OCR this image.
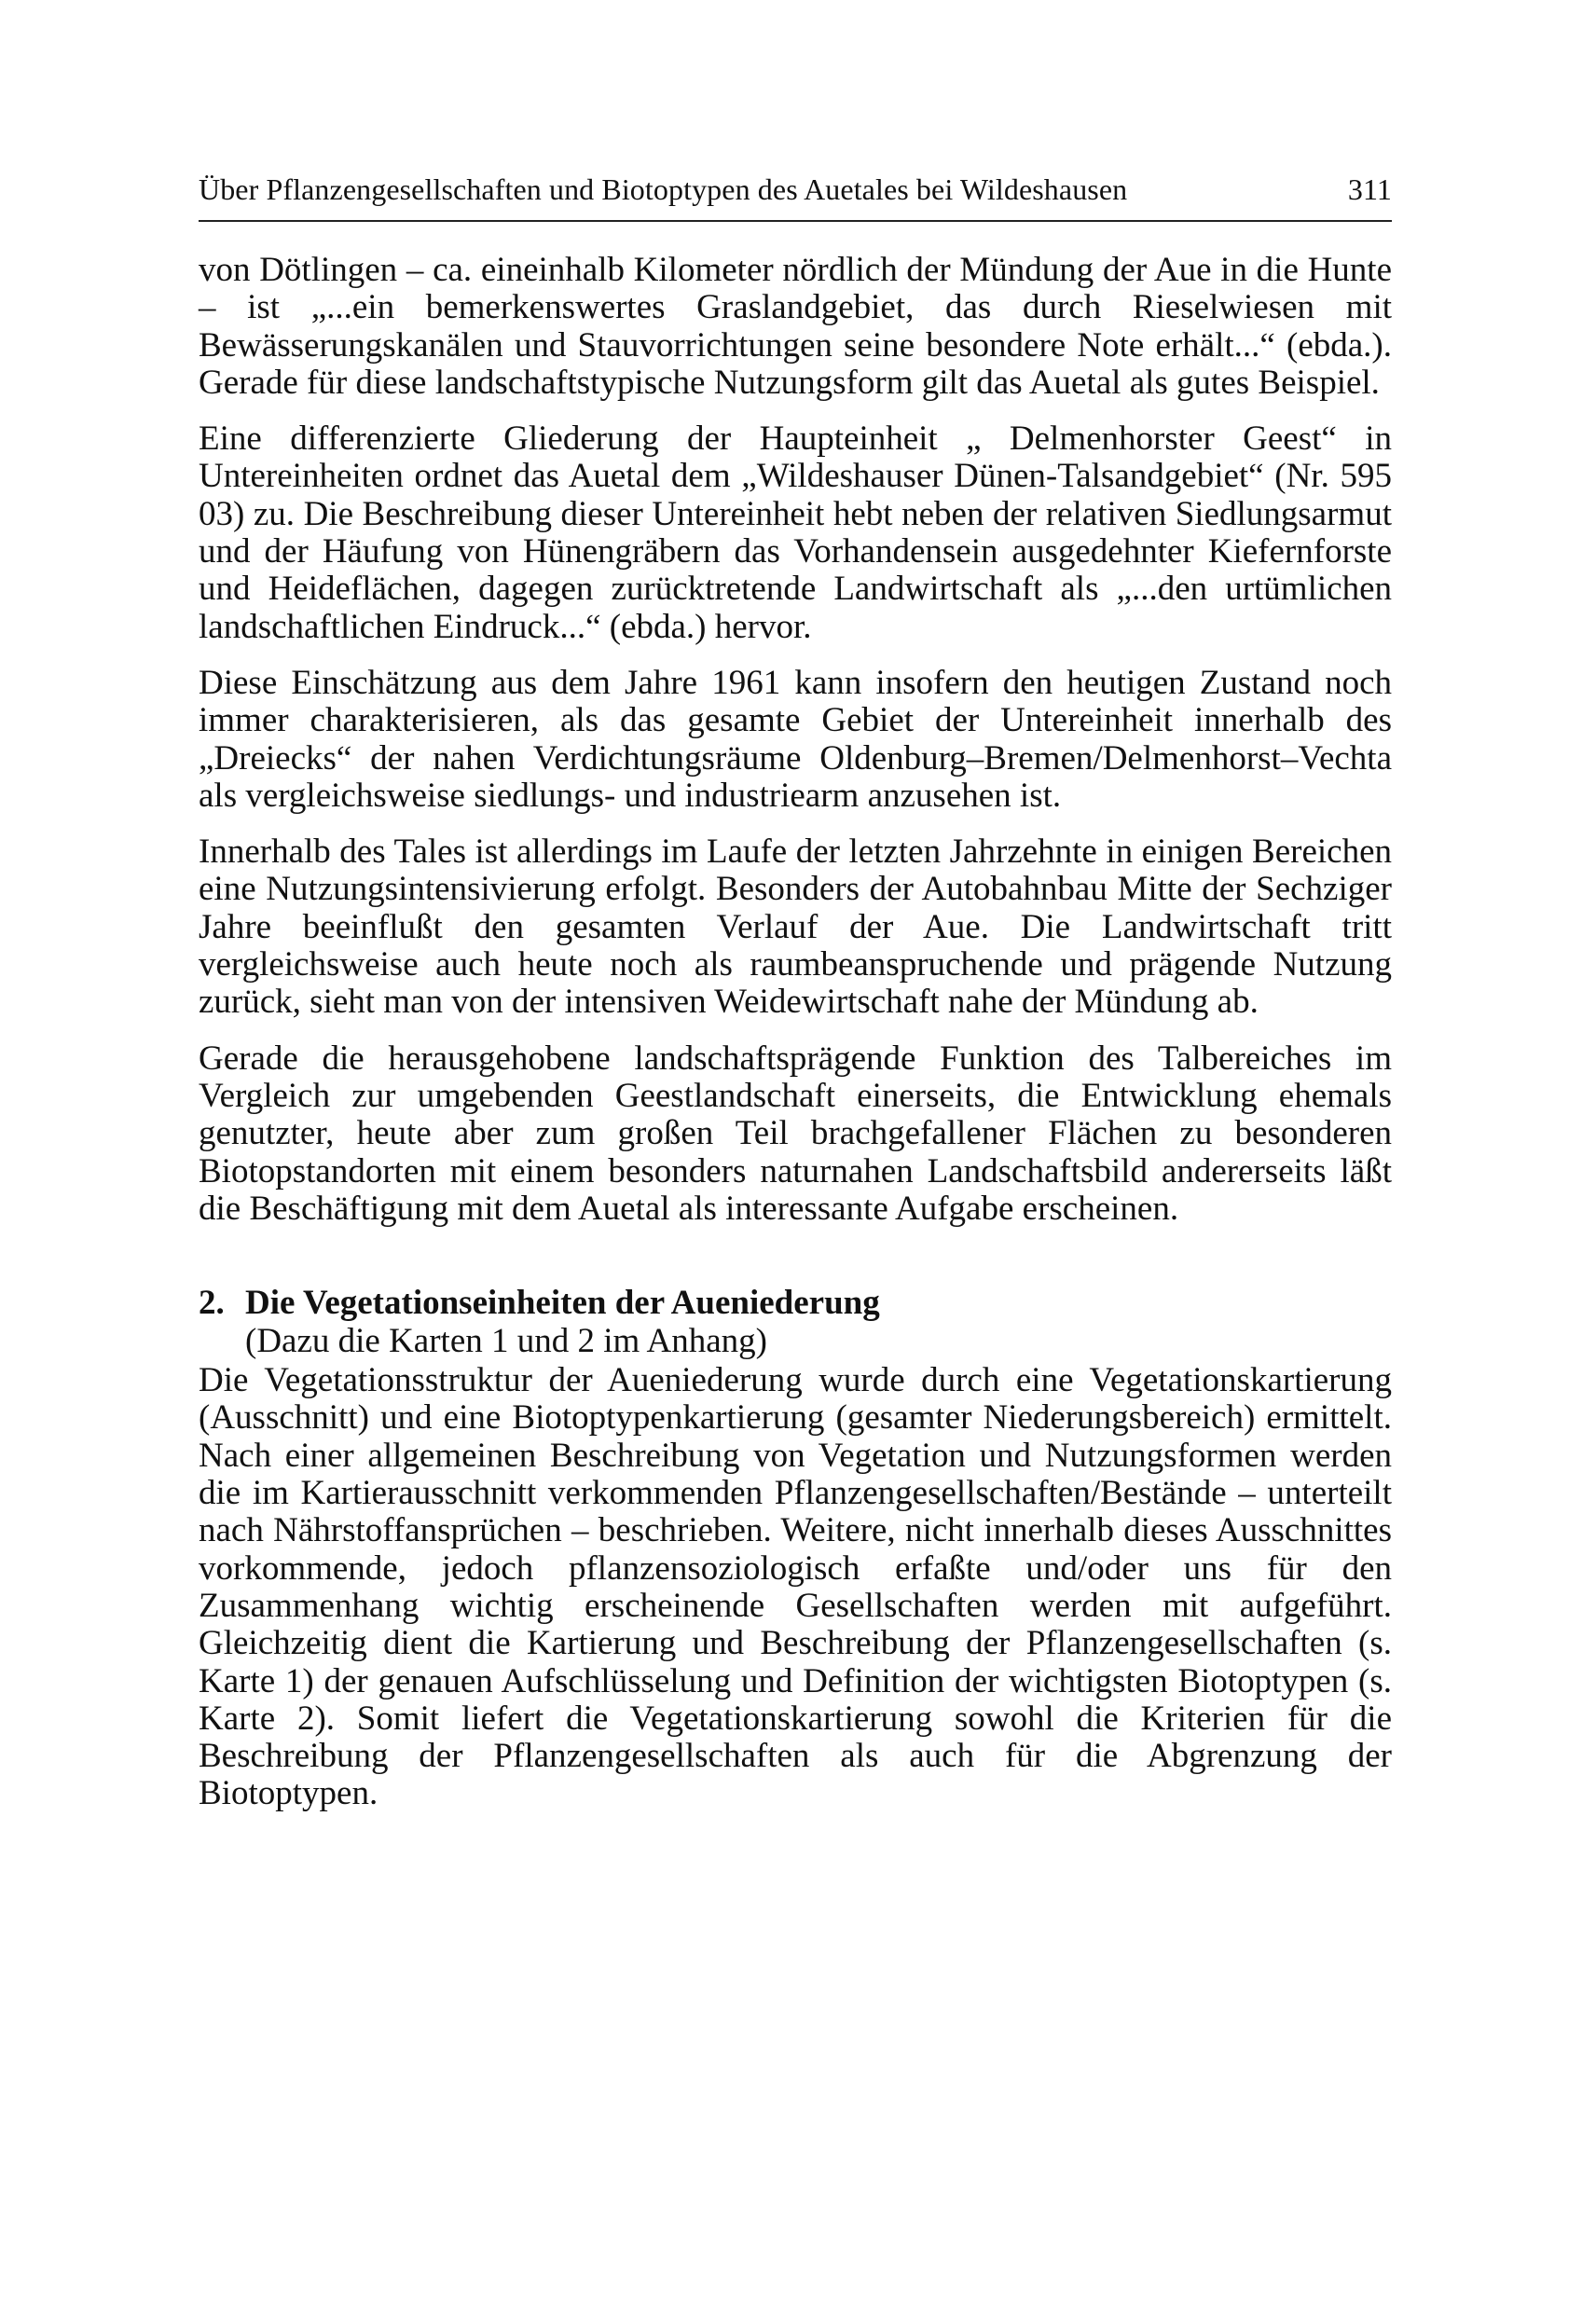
Über Pflanzengesellschaften und Biotoptypen des Auetales bei Wildeshausen	311

von Dötlingen – ca. eineinhalb Kilometer nördlich der Mündung der Aue in die Hunte – ist „...ein bemerkenswertes Graslandgebiet, das durch Rieselwiesen mit Bewässerungskanälen und Stauvorrichtungen seine besondere Note erhält...“ (ebda.). Gerade für diese landschaftstypische Nutzungsform gilt das Auetal als gutes Beispiel.

Eine differenzierte Gliederung der Haupteinheit „ Delmenhorster Geest“ in Untereinheiten ordnet das Auetal dem „Wildeshauser Dünen-Talsandgebiet“ (Nr. 595 03) zu. Die Beschreibung dieser Untereinheit hebt neben der relativen Siedlungsarmut und der Häufung von Hünengräbern das Vorhandensein ausgedehnter Kiefernforste und Heideflächen, dagegen zurücktretende Landwirtschaft als „...den urtümlichen landschaftlichen Eindruck...“ (ebda.) hervor.

Diese Einschätzung aus dem Jahre 1961 kann insofern den heutigen Zustand noch immer charakterisieren, als das gesamte Gebiet der Untereinheit innerhalb des „Dreiecks“ der nahen Verdichtungsräume Oldenburg–Bremen/Delmenhorst–Vechta als vergleichsweise siedlungs- und industriearm anzusehen ist.

Innerhalb des Tales ist allerdings im Laufe der letzten Jahrzehnte in einigen Bereichen eine Nutzungsintensivierung erfolgt. Besonders der Autobahnbau Mitte der Sechziger Jahre beeinflußt den gesamten Verlauf der Aue. Die Landwirtschaft tritt vergleichsweise auch heute noch als raumbeanspruchende und prägende Nutzung zurück, sieht man von der intensiven Weidewirtschaft nahe der Mündung ab.

Gerade die herausgehobene landschaftsprägende Funktion des Talbereiches im Vergleich zur umgebenden Geestlandschaft einerseits, die Entwicklung ehemals genutzter, heute aber zum großen Teil brachgefallener Flächen zu besonderen Biotopstandorten mit einem besonders naturnahen Landschaftsbild andererseits läßt die Beschäftigung mit dem Auetal als interessante Aufgabe erscheinen.

2. Die Vegetationseinheiten der Aueniederung
(Dazu die Karten 1 und 2 im Anhang)

Die Vegetationsstruktur der Aueniederung wurde durch eine Vegetationskartierung (Ausschnitt) und eine Biotoptypenkartierung (gesamter Niederungsbereich) ermittelt. Nach einer allgemeinen Beschreibung von Vegetation und Nutzungsformen werden die im Kartierausschnitt verkommenden Pflanzengesellschaften/Bestände – unterteilt nach Nährstoffansprüchen – beschrieben. Weitere, nicht innerhalb dieses Ausschnittes vorkommende, jedoch pflanzensoziologisch erfaßte und/oder uns für den Zusammenhang wichtig erscheinende Gesellschaften werden mit aufgeführt. Gleichzeitig dient die Kartierung und Beschreibung der Pflanzengesellschaften (s. Karte 1) der genauen Aufschlüsselung und Definition der wichtigsten Biotoptypen (s. Karte 2). Somit liefert die Vegetationskartierung sowohl die Kriterien für die Beschreibung der Pflanzengesellschaften als auch für die Abgrenzung der Biotoptypen.
